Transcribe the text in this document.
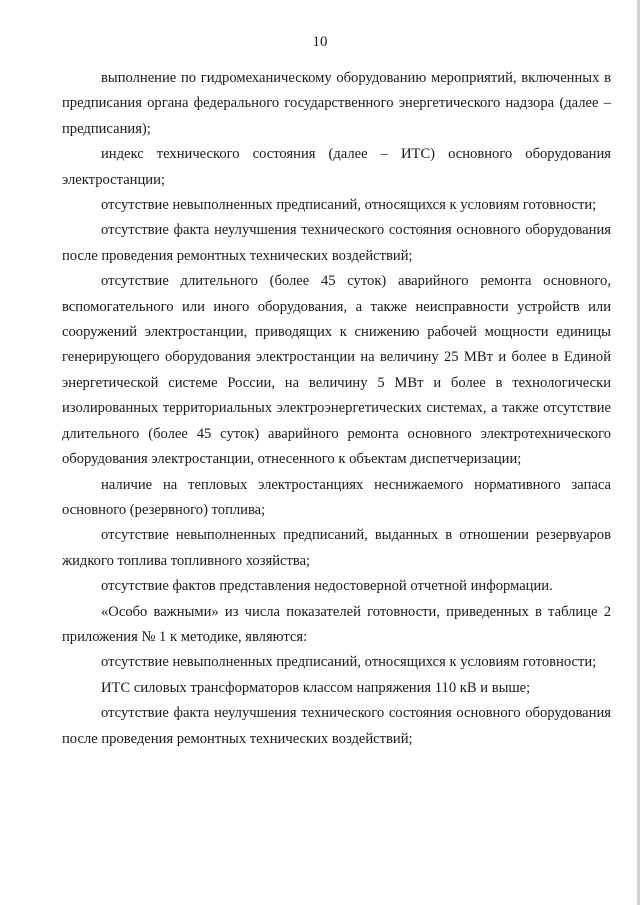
10

выполнение по гидромеханическому оборудованию мероприятий, включенных в предписания органа федерального государственного энергетического надзора (далее – предписания);

индекс технического состояния (далее – ИТС) основного оборудования электростанции;

отсутствие невыполненных предписаний, относящихся к условиям готовности;

отсутствие факта неулучшения технического состояния основного оборудования после проведения ремонтных технических воздействий;

отсутствие длительного (более 45 суток) аварийного ремонта основного, вспомогательного или иного оборудования, а также неисправности устройств или сооружений электростанции, приводящих к снижению рабочей мощности единицы генерирующего оборудования электростанции на величину 25 МВт и более в Единой энергетической системе России, на величину 5 МВт и более в технологически изолированных территориальных электроэнергетических системах, а также отсутствие длительного (более 45 суток) аварийного ремонта основного электротехнического оборудования электростанции, отнесенного к объектам диспетчеризации;

наличие на тепловых электростанциях неснижаемого нормативного запаса основного (резервного) топлива;

отсутствие невыполненных предписаний, выданных в отношении резервуаров жидкого топлива топливного хозяйства;

отсутствие фактов представления недостоверной отчетной информации.

«Особо важными» из числа показателей готовности, приведенных в таблице 2 приложения № 1 к методике, являются:

отсутствие невыполненных предписаний, относящихся к условиям готовности;

ИТС силовых трансформаторов классом напряжения 110 кВ и выше;

отсутствие факта неулучшения технического состояния основного оборудования после проведения ремонтных технических воздействий;
